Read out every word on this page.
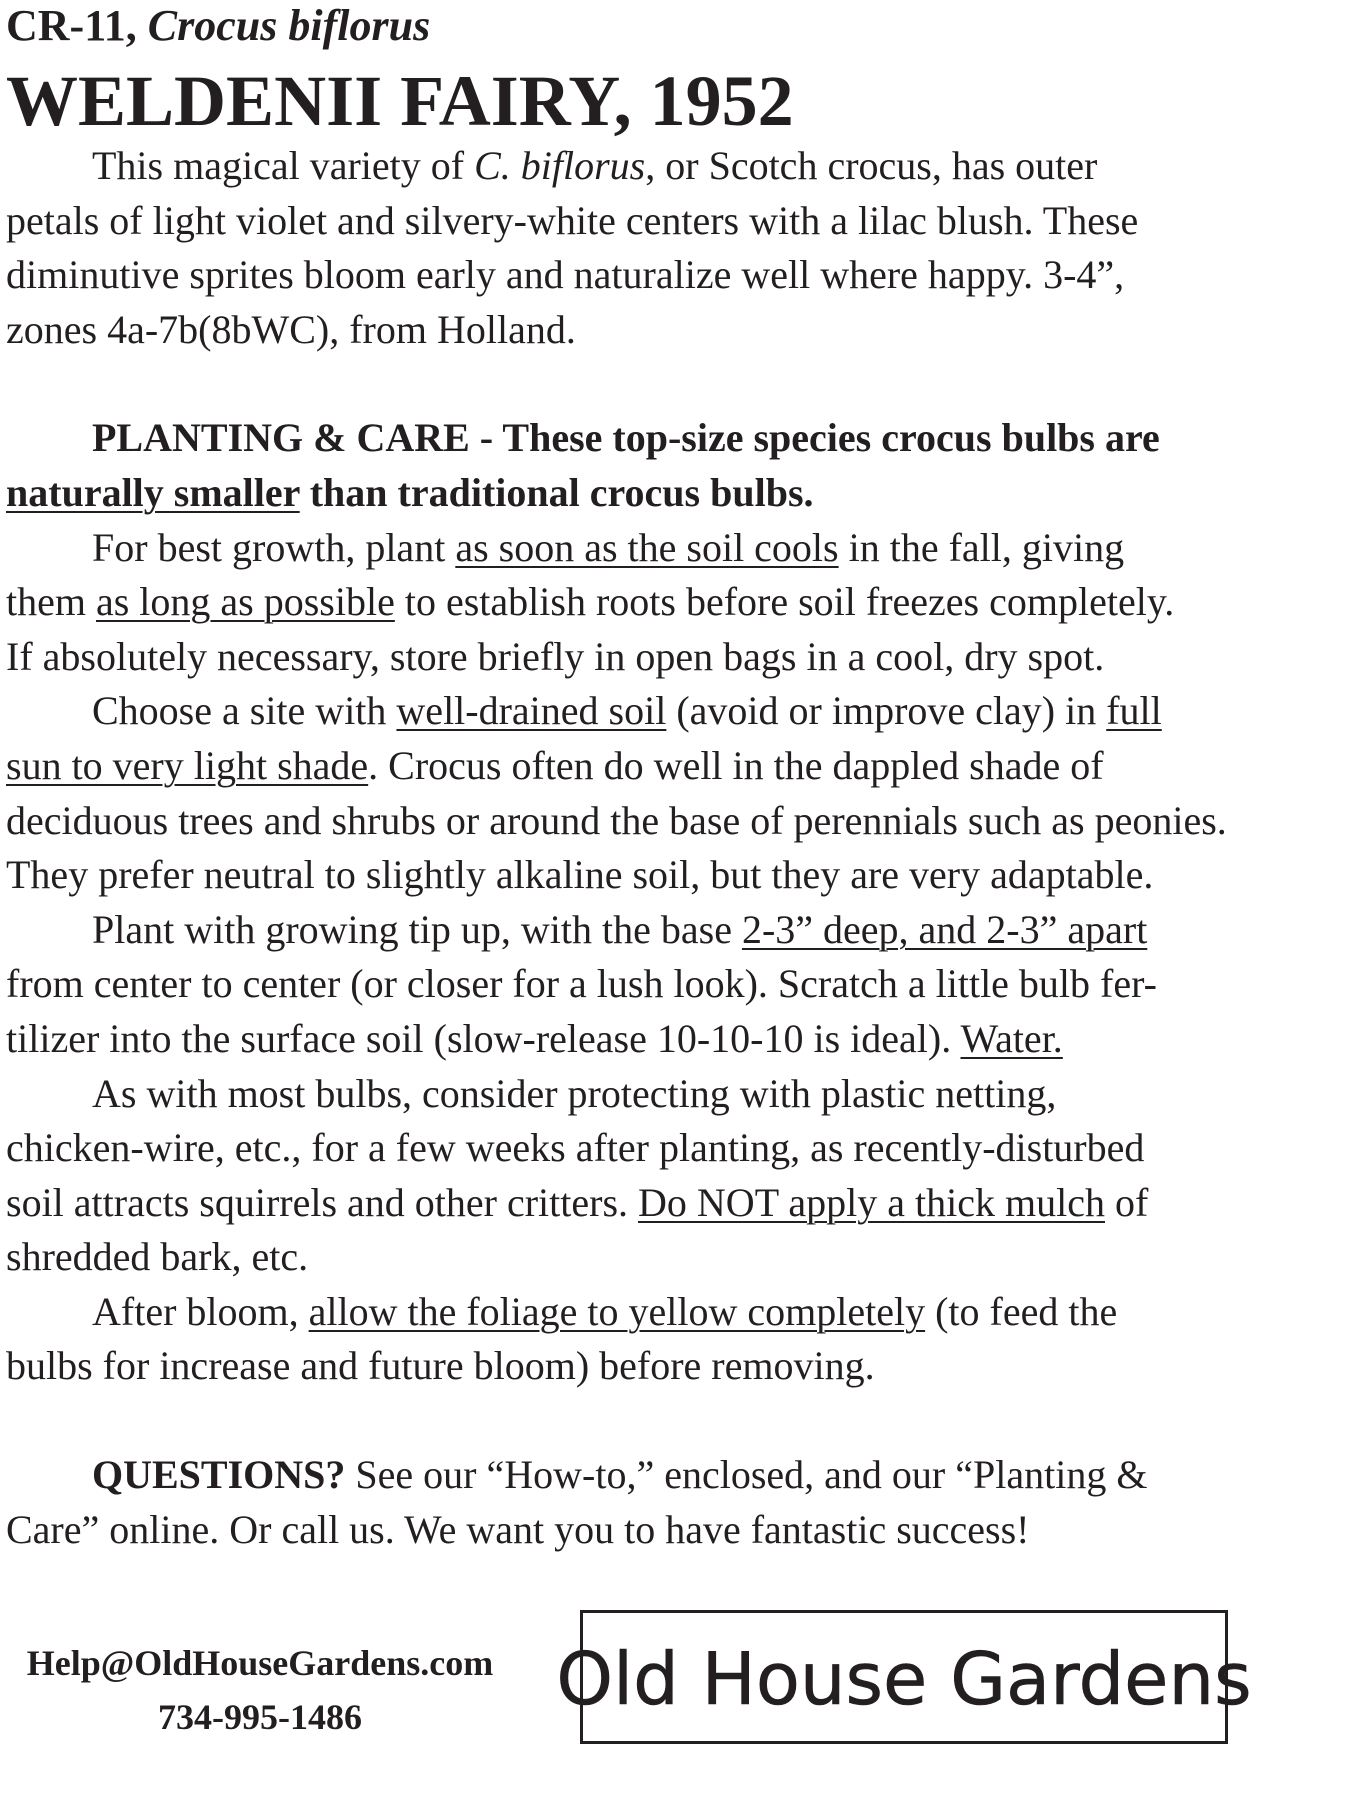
CR-11, Crocus biflorus
WELDENII FAIRY, 1952

This magical variety of C. biflorus, or Scotch crocus, has outer

petals of light violet and silvery-white centers with a lilac blush. These

diminutive sprites bloom early and naturalize well where happy. 3-4”,

zones 4a-7b(8bWC), from Holland.

PLANTING & CARE - These top-size species crocus bulbs are

naturally smaller than traditional crocus bulbs.

For best growth, plant as soon as the soil cools in the fall, giving

them as long as possible to establish roots before soil freezes completely.

If absolutely necessary, store briefly in open bags in a cool, dry spot.

Choose a site with well-drained soil (avoid or improve clay) in full

sun to very light shade. Crocus often do well in the dappled shade of

deciduous trees and shrubs or around the base of perennials such as peonies.

They prefer neutral to slightly alkaline soil, but they are very adaptable.

Plant with growing tip up, with the base 2-3” deep, and 2-3” apart

from center to center (or closer for a lush look). Scratch a little bulb fer-

tilizer into the surface soil (slow-release 10-10-10 is ideal). Water.

As with most bulbs, consider protecting with plastic netting,

chicken-wire, etc., for a few weeks after planting, as recently-disturbed

soil attracts squirrels and other critters. Do NOT apply a thick mulch of

shredded bark, etc.

After bloom, allow the foliage to yellow completely (to feed the

bulbs for increase and future bloom) before removing.

QUESTIONS? See our “How-to,” enclosed, and our “Planting &

Care” online. Or call us. We want you to have fantastic success!

Help@OldHouseGardens.com
734-995-1486	Old House Gardens
